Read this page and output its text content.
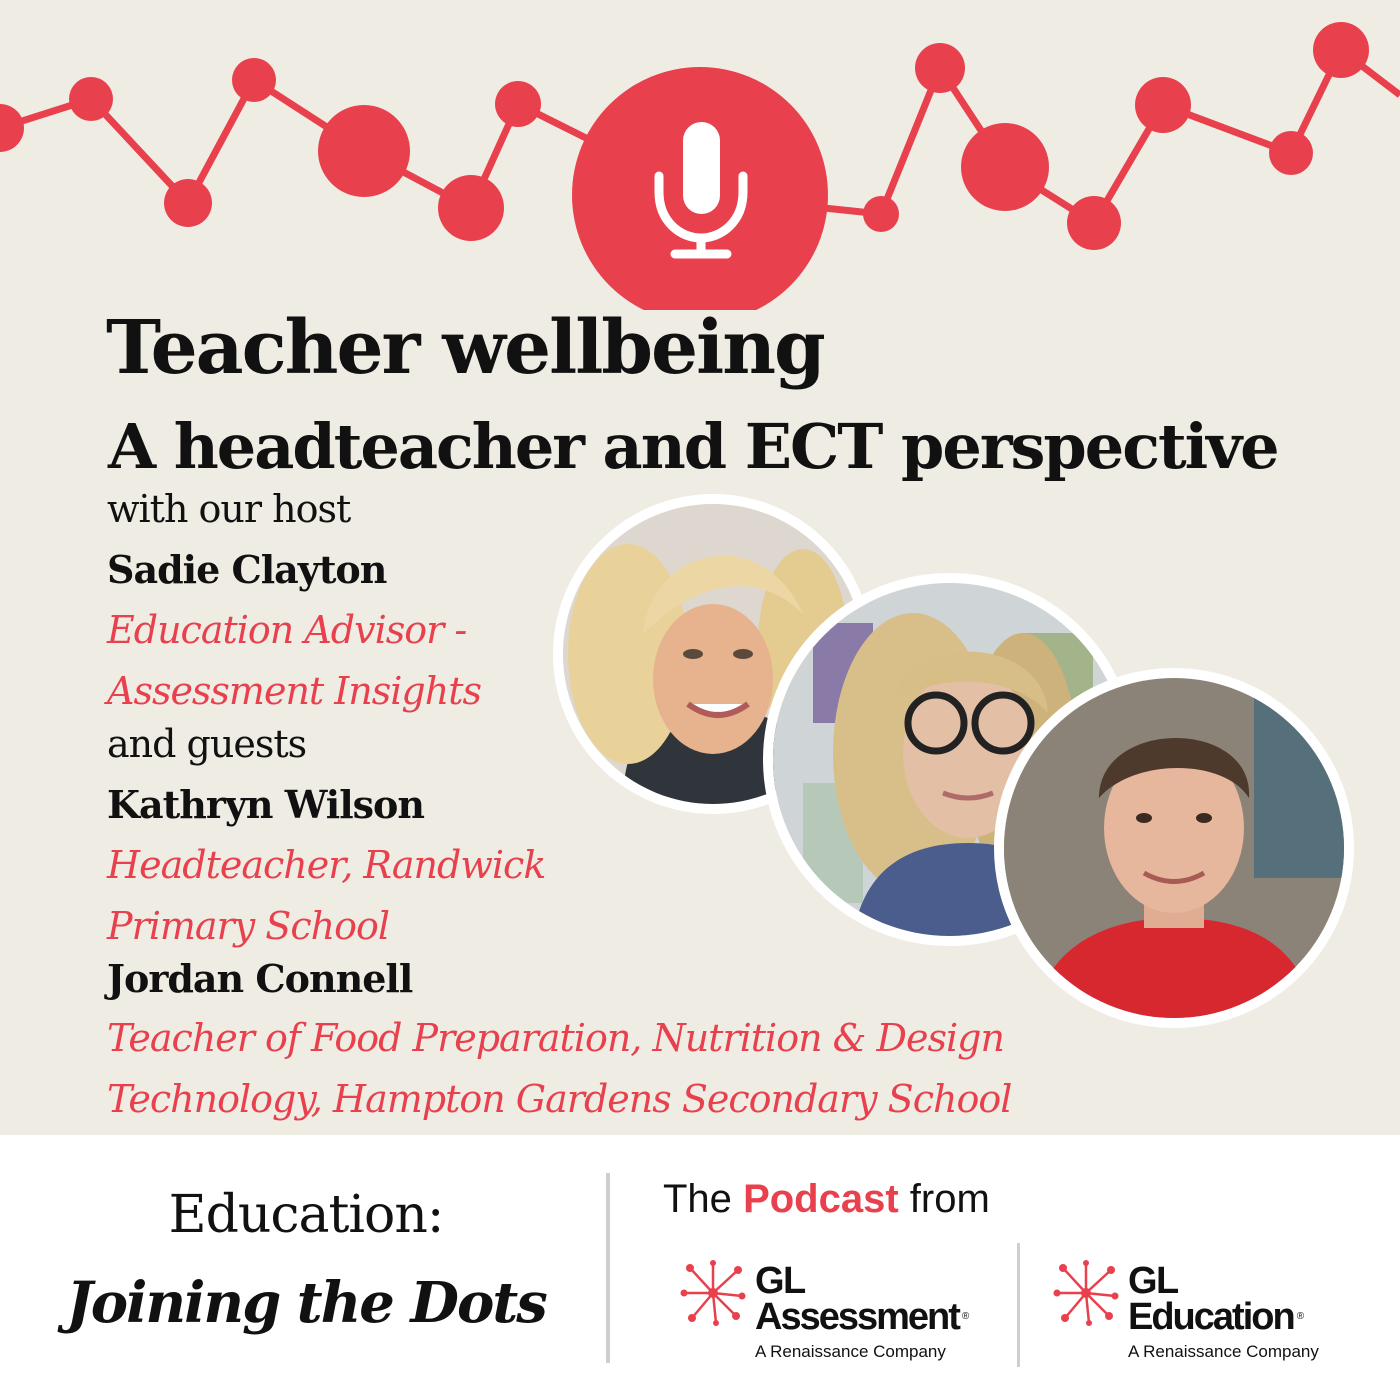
Teacher wellbeing
A headteacher and ECT perspective
with our host
Sadie Clayton
Education Advisor -
Assessment Insights
and guests
Kathryn Wilson
Headteacher, Randwick
Primary School
Jordan Connell
Teacher of Food Preparation, Nutrition & Design
Technology, Hampton Gardens Secondary School
Education:
Joining the Dots
The Podcast from
GL
Assessment ®
A Renaissance Company
GL
Education ®
A Renaissance Company
